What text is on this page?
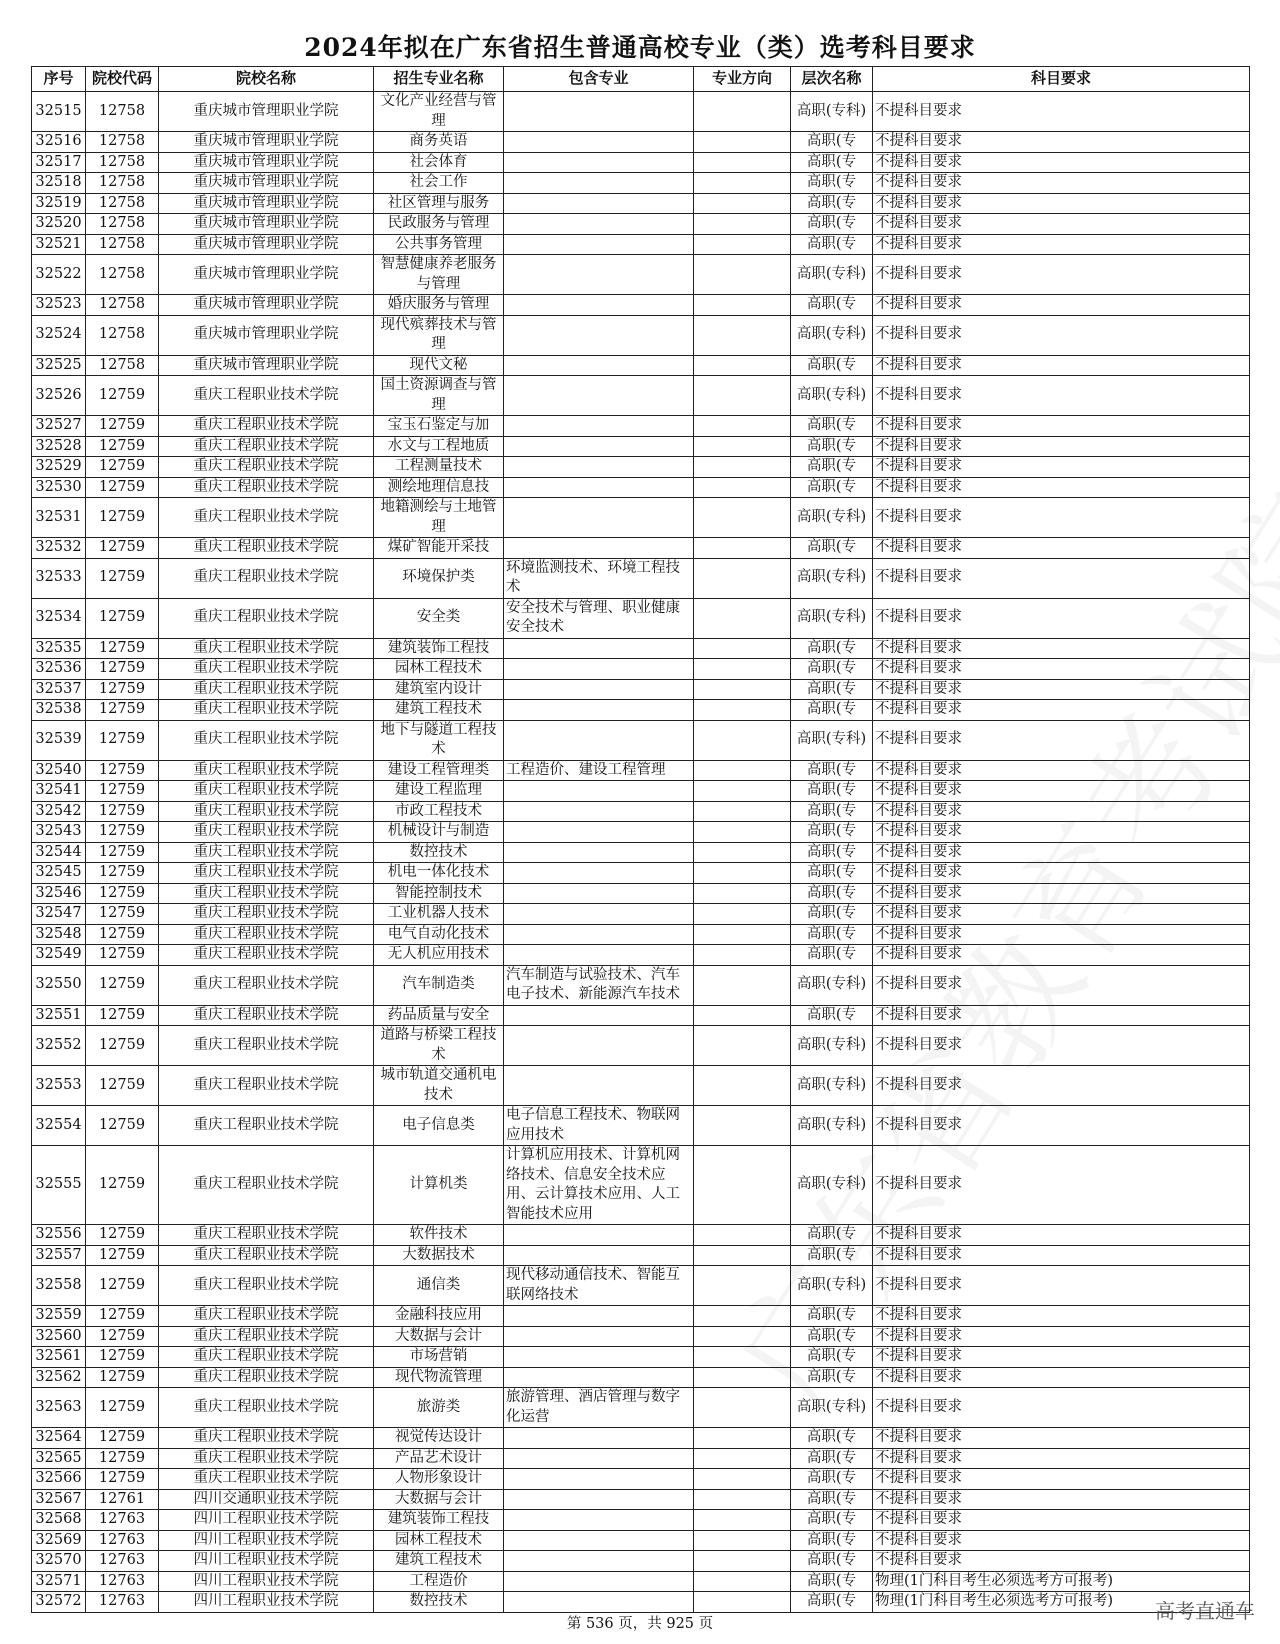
2024年拟在广东省招生普通高校专业（类）选考科目要求
序号	院校代码	院校名称	招生专业名称	包含专业	专业方向	层次名称	科目要求
32515	12758	重庆城市管理职业学院	文化产业经营与管理			高职(专科)	不提科目要求
32516	12758	重庆城市管理职业学院	商务英语			高职(专	不提科目要求
32517	12758	重庆城市管理职业学院	社会体育			高职(专	不提科目要求
32518	12758	重庆城市管理职业学院	社会工作			高职(专	不提科目要求
32519	12758	重庆城市管理职业学院	社区管理与服务			高职(专	不提科目要求
32520	12758	重庆城市管理职业学院	民政服务与管理			高职(专	不提科目要求
32521	12758	重庆城市管理职业学院	公共事务管理			高职(专	不提科目要求
32522	12758	重庆城市管理职业学院	智慧健康养老服务与管理			高职(专科)	不提科目要求
32523	12758	重庆城市管理职业学院	婚庆服务与管理			高职(专	不提科目要求
32524	12758	重庆城市管理职业学院	现代殡葬技术与管理			高职(专科)	不提科目要求
32525	12758	重庆城市管理职业学院	现代文秘			高职(专	不提科目要求
32526	12759	重庆工程职业技术学院	国土资源调查与管理			高职(专科)	不提科目要求
32527	12759	重庆工程职业技术学院	宝玉石鉴定与加			高职(专	不提科目要求
32528	12759	重庆工程职业技术学院	水文与工程地质			高职(专	不提科目要求
32529	12759	重庆工程职业技术学院	工程测量技术			高职(专	不提科目要求
32530	12759	重庆工程职业技术学院	测绘地理信息技			高职(专	不提科目要求
32531	12759	重庆工程职业技术学院	地籍测绘与土地管理			高职(专科)	不提科目要求
32532	12759	重庆工程职业技术学院	煤矿智能开采技			高职(专	不提科目要求
32533	12759	重庆工程职业技术学院	环境保护类	环境监测技术、环境工程技术		高职(专科)	不提科目要求
32534	12759	重庆工程职业技术学院	安全类	安全技术与管理、职业健康安全技术		高职(专科)	不提科目要求
32535	12759	重庆工程职业技术学院	建筑装饰工程技			高职(专	不提科目要求
32536	12759	重庆工程职业技术学院	园林工程技术			高职(专	不提科目要求
32537	12759	重庆工程职业技术学院	建筑室内设计			高职(专	不提科目要求
32538	12759	重庆工程职业技术学院	建筑工程技术			高职(专	不提科目要求
32539	12759	重庆工程职业技术学院	地下与隧道工程技术			高职(专科)	不提科目要求
32540	12759	重庆工程职业技术学院	建设工程管理类	工程造价、建设工程管理		高职(专	不提科目要求
32541	12759	重庆工程职业技术学院	建设工程监理			高职(专	不提科目要求
32542	12759	重庆工程职业技术学院	市政工程技术			高职(专	不提科目要求
32543	12759	重庆工程职业技术学院	机械设计与制造			高职(专	不提科目要求
32544	12759	重庆工程职业技术学院	数控技术			高职(专	不提科目要求
32545	12759	重庆工程职业技术学院	机电一体化技术			高职(专	不提科目要求
32546	12759	重庆工程职业技术学院	智能控制技术			高职(专	不提科目要求
32547	12759	重庆工程职业技术学院	工业机器人技术			高职(专	不提科目要求
32548	12759	重庆工程职业技术学院	电气自动化技术			高职(专	不提科目要求
32549	12759	重庆工程职业技术学院	无人机应用技术			高职(专	不提科目要求
32550	12759	重庆工程职业技术学院	汽车制造类	汽车制造与试验技术、汽车电子技术、新能源汽车技术		高职(专科)	不提科目要求
32551	12759	重庆工程职业技术学院	药品质量与安全			高职(专	不提科目要求
32552	12759	重庆工程职业技术学院	道路与桥梁工程技术			高职(专科)	不提科目要求
32553	12759	重庆工程职业技术学院	城市轨道交通机电技术			高职(专科)	不提科目要求
32554	12759	重庆工程职业技术学院	电子信息类	电子信息工程技术、物联网应用技术		高职(专科)	不提科目要求
32555	12759	重庆工程职业技术学院	计算机类	计算机应用技术、计算机网络技术、信息安全技术应用、云计算技术应用、人工智能技术应用		高职(专科)	不提科目要求
32556	12759	重庆工程职业技术学院	软件技术			高职(专	不提科目要求
32557	12759	重庆工程职业技术学院	大数据技术			高职(专	不提科目要求
32558	12759	重庆工程职业技术学院	通信类	现代移动通信技术、智能互联网络技术		高职(专科)	不提科目要求
32559	12759	重庆工程职业技术学院	金融科技应用			高职(专	不提科目要求
32560	12759	重庆工程职业技术学院	大数据与会计			高职(专	不提科目要求
32561	12759	重庆工程职业技术学院	市场营销			高职(专	不提科目要求
32562	12759	重庆工程职业技术学院	现代物流管理			高职(专	不提科目要求
32563	12759	重庆工程职业技术学院	旅游类	旅游管理、酒店管理与数字化运营		高职(专科)	不提科目要求
32564	12759	重庆工程职业技术学院	视觉传达设计			高职(专	不提科目要求
32565	12759	重庆工程职业技术学院	产品艺术设计			高职(专	不提科目要求
32566	12759	重庆工程职业技术学院	人物形象设计			高职(专	不提科目要求
32567	12761	四川交通职业技术学院	大数据与会计			高职(专	不提科目要求
32568	12763	四川工程职业技术学院	建筑装饰工程技			高职(专	不提科目要求
32569	12763	四川工程职业技术学院	园林工程技术			高职(专	不提科目要求
32570	12763	四川工程职业技术学院	建筑工程技术			高职(专	不提科目要求
32571	12763	四川工程职业技术学院	工程造价			高职(专	物理(1门科目考生必须选考方可报考)
32572	12763	四川工程职业技术学院	数控技术			高职(专	物理(1门科目考生必须选考方可报考)
第 536 页，共 925 页
高考直通车
